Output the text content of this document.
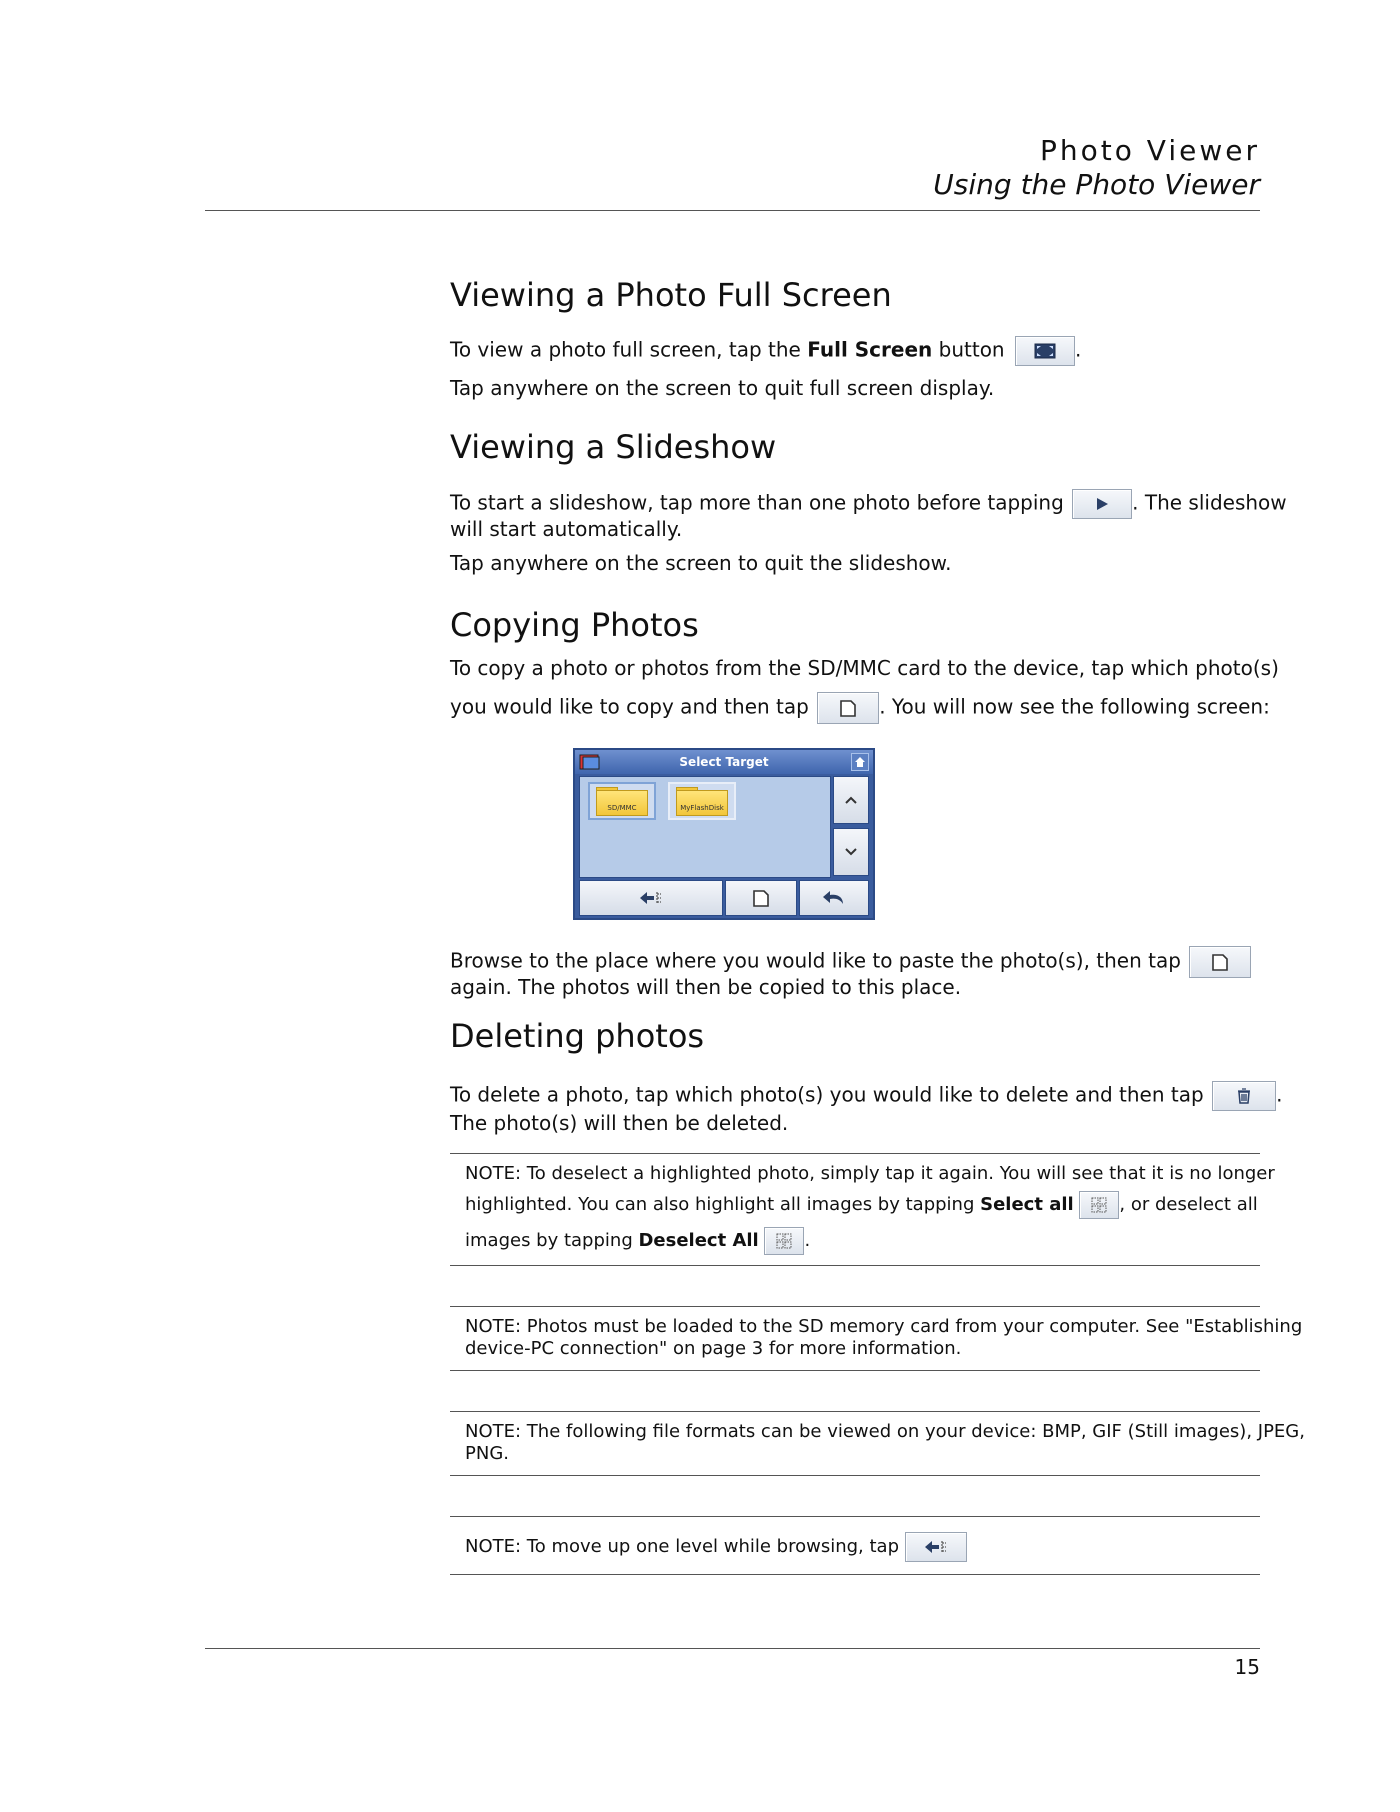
Photo Viewer
Using the Photo Viewer
Viewing a Photo Full Screen
To view a photo full screen, tap the Full Screen button	.
Tap anywhere on the screen to quit full screen display.
Viewing a Slideshow
To start a slideshow, tap more than one photo before tapping	. The slideshow
will start automatically.
Tap anywhere on the screen to quit the slideshow.
Copying Photos
To copy a photo or photos from the SD/MMC card to the device, tap which photo(s)
you would like to copy and then tap	. You will now see the following screen:
Select Target
SD/MMC	MyFlashDisk
Browse to the place where you would like to paste the photo(s), then tap
again. The photos will then be copied to this place.
Deleting photos
To delete a photo, tap which photo(s) you would like to delete and then tap	.
The photo(s) will then be deleted.
NOTE: To deselect a highlighted photo, simply tap it again. You will see that it is no longer
highlighted. You can also highlight all images by tapping Select all	, or deselect all
images by tapping Deselect All	.
NOTE: Photos must be loaded to the SD memory card from your computer. See "Establishing
device-PC connection" on page 3 for more information.
NOTE: The following file formats can be viewed on your device: BMP, GIF (Still images), JPEG,
PNG.
NOTE: To move up one level while browsing, tap
15
